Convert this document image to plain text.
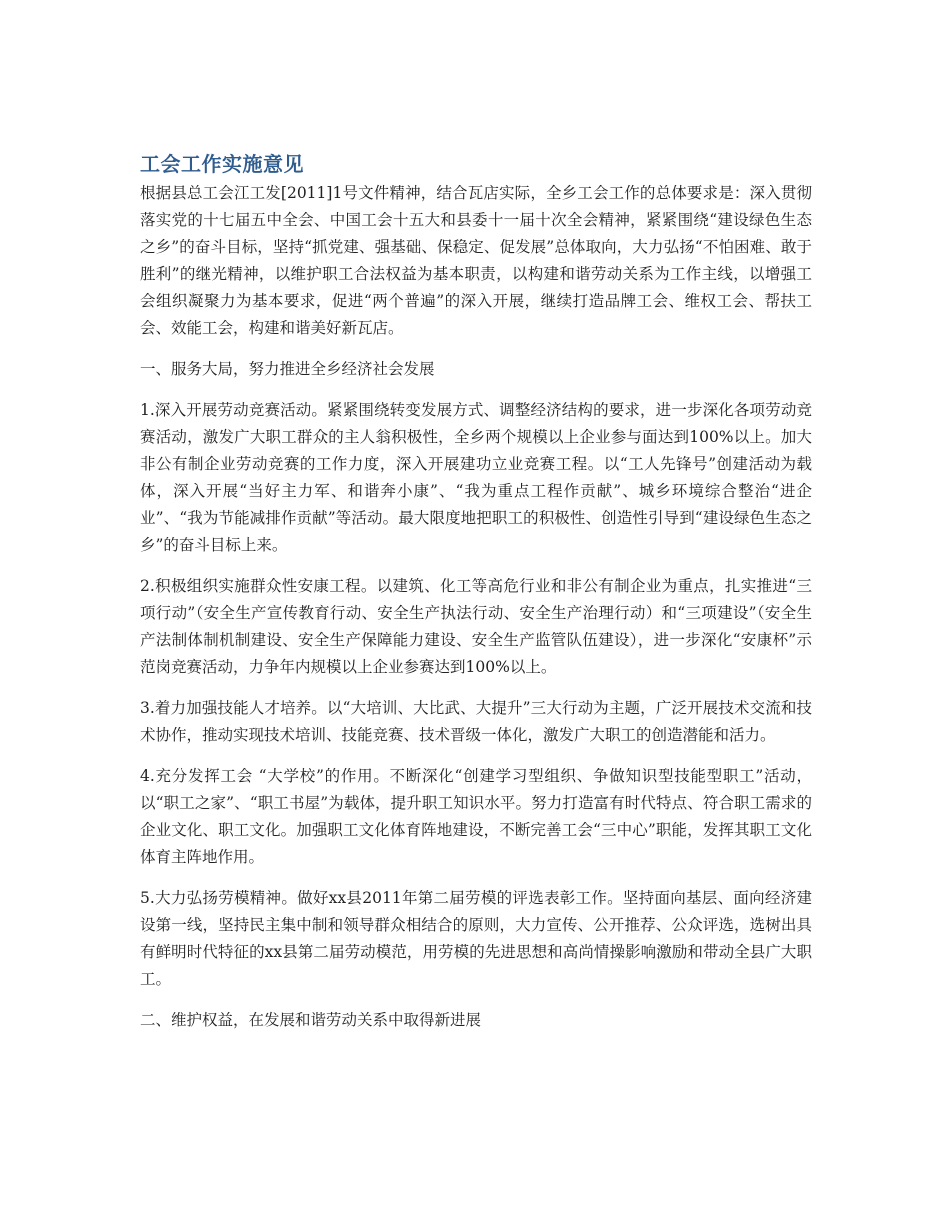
工会工作实施意见

根据县总工会江工发[2011]1号文件精神，结合瓦店实际，全乡工会工作的总体要求是：深入贯彻落实党的十七届五中全会、中国工会十五大和县委十一届十次全会精神，紧紧围绕“建设绿色生态之乡”的奋斗目标，坚持“抓党建、强基础、保稳定、促发展”总体取向，大力弘扬“不怕困难、敢于胜利”的继光精神，以维护职工合法权益为基本职责，以构建和谐劳动关系为工作主线，以增强工会组织凝聚力为基本要求，促进“两个普遍”的深入开展，继续打造品牌工会、维权工会、帮扶工会、效能工会，构建和谐美好新瓦店。

一、服务大局，努力推进全乡经济社会发展

1.深入开展劳动竞赛活动。紧紧围绕转变发展方式、调整经济结构的要求，进一步深化各项劳动竞赛活动，激发广大职工群众的主人翁积极性，全乡两个规模以上企业参与面达到100%以上。加大非公有制企业劳动竞赛的工作力度，深入开展建功立业竞赛工程。以“工人先锋号”创建活动为载体，深入开展“当好主力军、和谐奔小康”、“我为重点工程作贡献”、城乡环境综合整治“进企业”、“我为节能减排作贡献”等活动。最大限度地把职工的积极性、创造性引导到“建设绿色生态之乡”的奋斗目标上来。

2.积极组织实施群众性安康工程。以建筑、化工等高危行业和非公有制企业为重点，扎实推进“三项行动”（安全生产宣传教育行动、安全生产执法行动、安全生产治理行动）和“三项建设”（安全生产法制体制机制建设、安全生产保障能力建设、安全生产监管队伍建设），进一步深化“安康杯”示范岗竞赛活动，力争年内规模以上企业参赛达到100%以上。

3.着力加强技能人才培养。以“大培训、大比武、大提升”三大行动为主题，广泛开展技术交流和技术协作，推动实现技术培训、技能竞赛、技术晋级一体化，激发广大职工的创造潜能和活力。

4.充分发挥工会 “大学校”的作用。不断深化“创建学习型组织、争做知识型技能型职工”活动，以“职工之家”、“职工书屋”为载体，提升职工知识水平。努力打造富有时代特点、符合职工需求的企业文化、职工文化。加强职工文化体育阵地建设，不断完善工会“三中心”职能，发挥其职工文化体育主阵地作用。

5.大力弘扬劳模精神。做好xx县2011年第二届劳模的评选表彰工作。坚持面向基层、面向经济建设第一线，坚持民主集中制和领导群众相结合的原则，大力宣传、公开推荐、公众评选，选树出具有鲜明时代特征的xx县第二届劳动模范，用劳模的先进思想和高尚情操影响激励和带动全县广大职工。

二、维护权益，在发展和谐劳动关系中取得新进展
